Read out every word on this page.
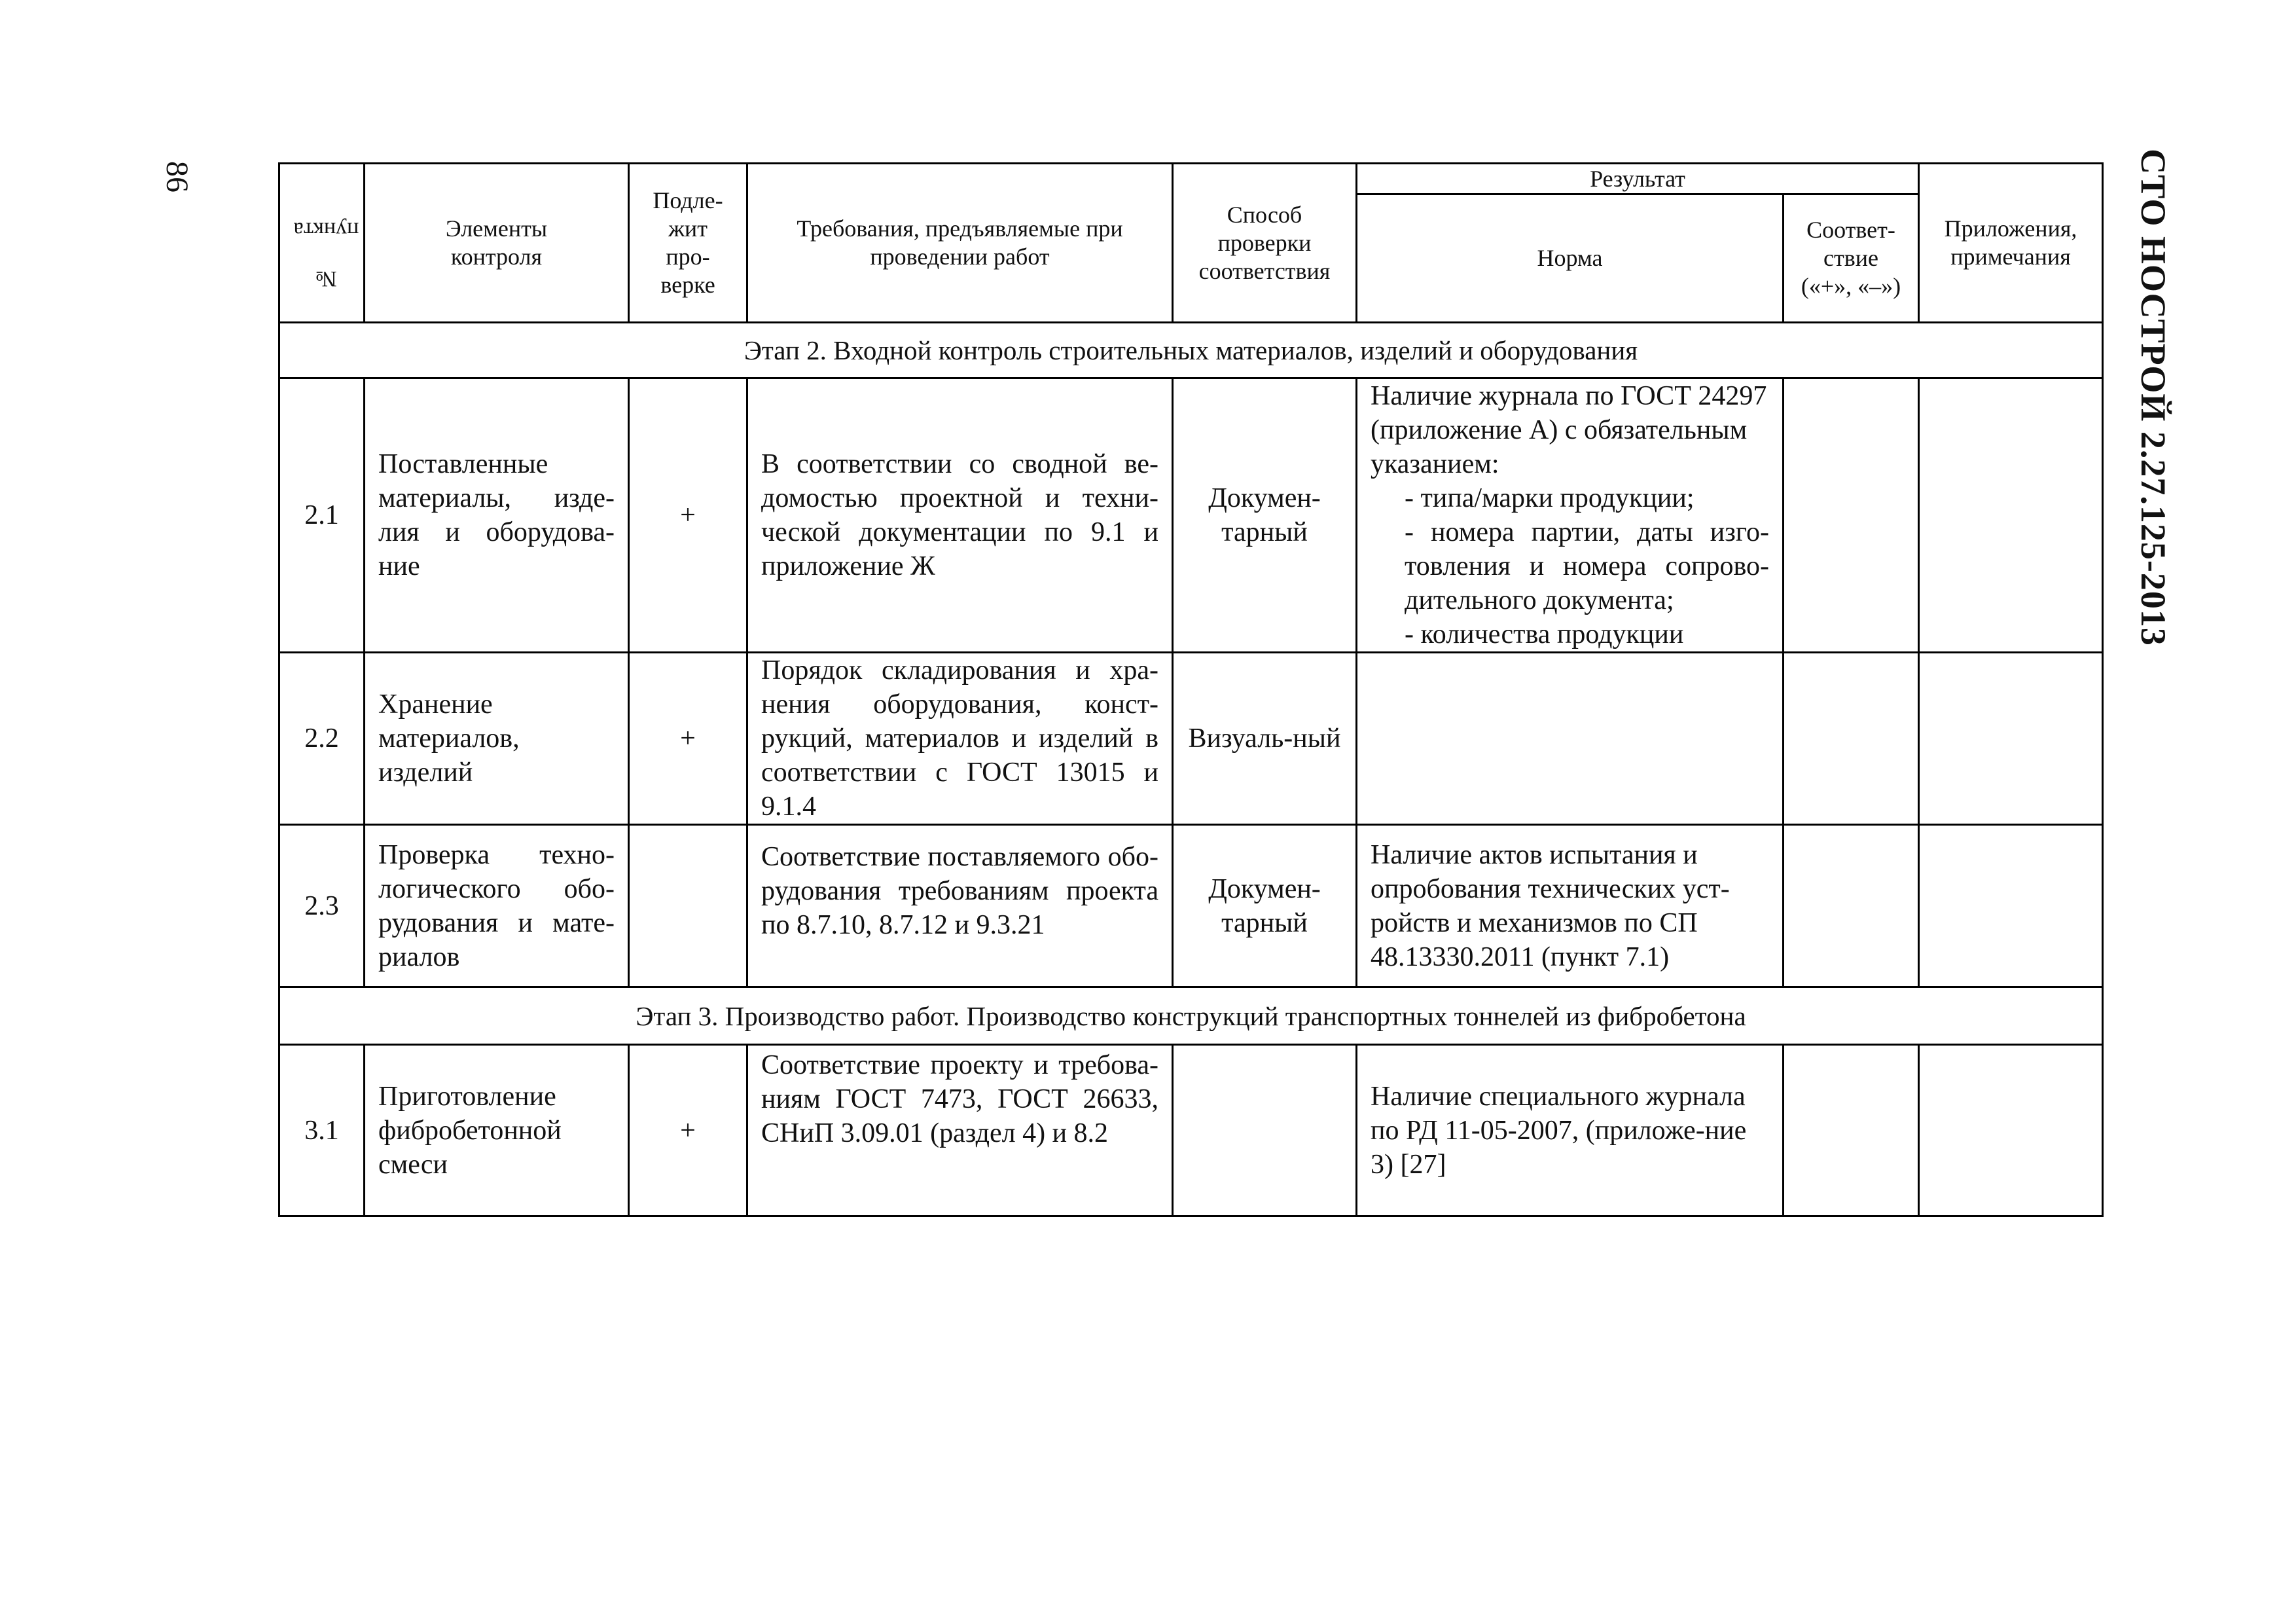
86	СТО НОСТРОЙ 2.27.125-2013
№ пункта	Элементы контроля	Подле-жит про-верке	Требования, предъявляемые при проведении работ	Способ проверки соответствия	Результат		Приложения, примечания
					Норма	Соответ-ствие («+», «–»)	
Этап 2. Входной контроль строительных материалов, изделий и оборудования							
2.1	Поставленные материалы, изде-лия и оборудова-ние	+	В соответствии со сводной ве-домостью проектной и техни-ческой документации по 9.1 и приложение Ж	Докумен-тарный	Наличие журнала по ГОСТ 24297 (приложение А) с обязательным указанием:
- типа/марки продукции;
- номера партии, даты изго-товления и номера сопрово-дительного документа;
- количества продукции		

2.2	Хранение материалов, изделий	+	Порядок складирования и хра-нения оборудования, конст-рукций, материалов и изделий в соответствии с ГОСТ 13015 и 9.1.4	Визуаль-ный			
2.3	Проверка техно-логического обо-рудования и мате-риалов		Соответствие поставляемого обо-рудования требованиям проекта по 8.7.10, 8.7.12 и 9.3.21	Докумен-тарный	Наличие актов испытания и опробования технических уст-ройств и механизмов по СП 48.13330.2011 (пункт 7.1)		
Этап 3. Производство работ. Производство конструкций транспортных тоннелей из фибробетона							
3.1	Приготовление фибробетонной смеси	+	Соответствие проекту и требова-ниям ГОСТ 7473, ГОСТ 26633, СНиП 3.09.01 (раздел 4) и 8.2		Наличие специального журнала по РД 11-05-2007, (приложе-ние 3) [27]		
